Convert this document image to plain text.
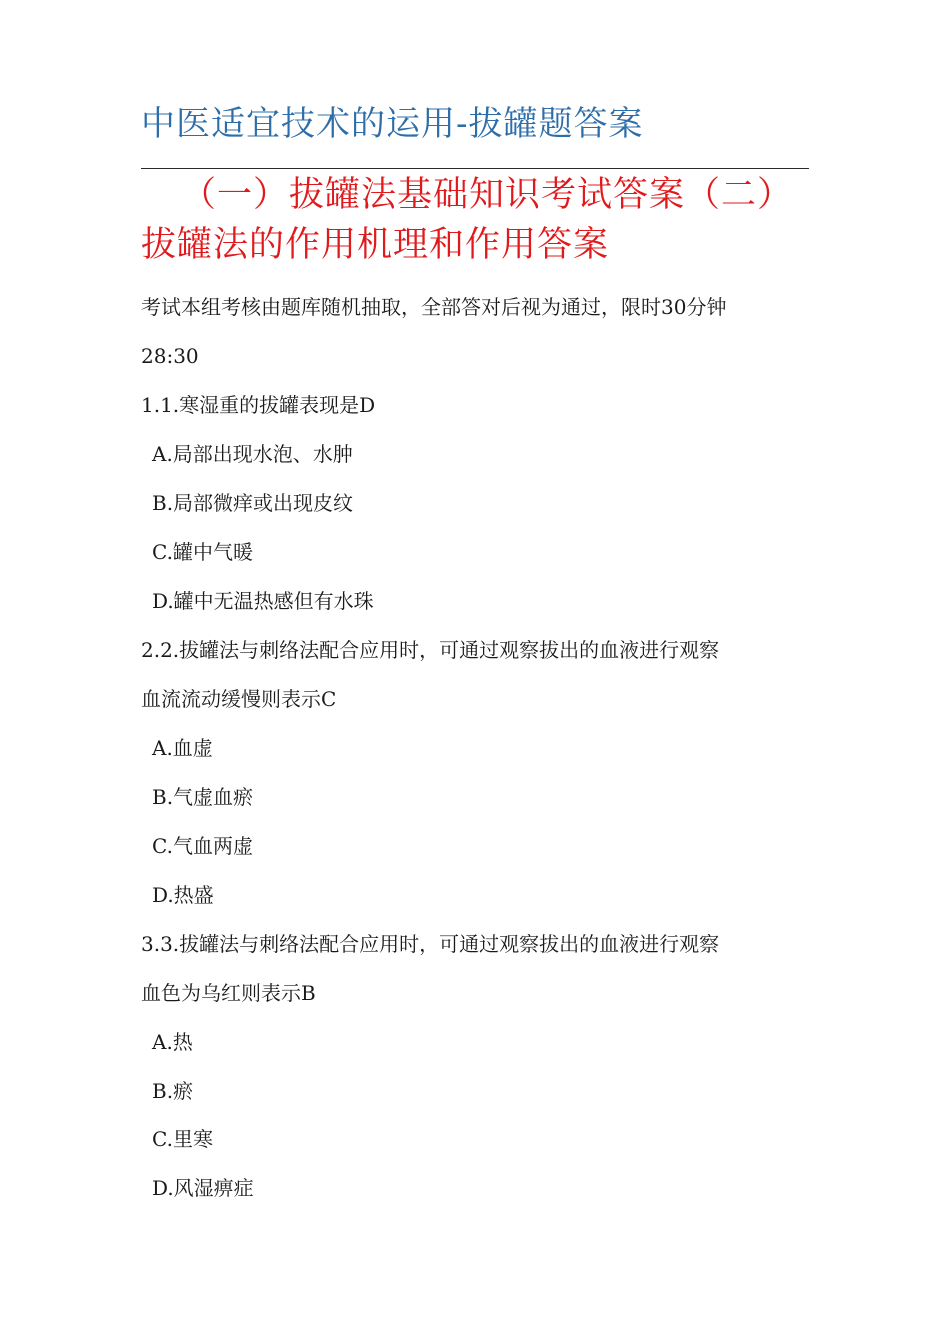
中医适宜技术的运用-拔罐题答案
（一）拔罐法基础知识考试答案（二）拔罐法的作用机理和作用答案
考试本组考核由题库随机抽取，全部答对后视为通过，限时30分钟
28:30
1.1.寒湿重的拔罐表现是D
A.局部出现水泡、水肿
B.局部微痒或出现皮纹
C.罐中气暖
D.罐中无温热感但有水珠
2.2.拔罐法与刺络法配合应用时，可通过观察拔出的血液进行观察
血流流动缓慢则表示C
A.血虚
B.气虚血瘀
C.气血两虚
D.热盛
3.3.拔罐法与刺络法配合应用时，可通过观察拔出的血液进行观察
血色为乌红则表示B
A.热
B.瘀
C.里寒
D.风湿痹症
